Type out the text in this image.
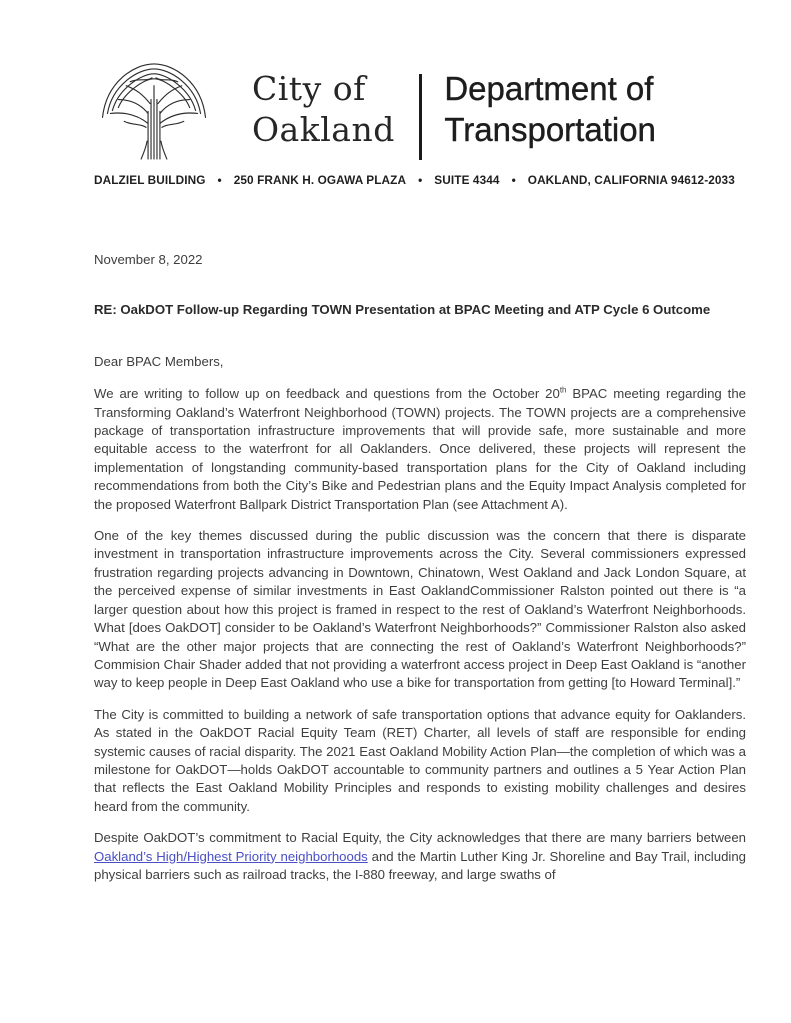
City of
Oakland
Department of
Transportation
DALZIEL BUILDING  •  250 FRANK H. OGAWA PLAZA  •  SUITE 4344  •  OAKLAND, CALIFORNIA 94612-2033

November 8, 2022

RE: OakDOT Follow-up Regarding TOWN Presentation at BPAC Meeting and ATP Cycle 6 Outcome

Dear BPAC Members,

We are writing to follow up on feedback and questions from the October 20th BPAC meeting regarding the Transforming Oakland’s Waterfront Neighborhood (TOWN) projects. The TOWN projects are a comprehensive package of transportation infrastructure improvements that will provide safe, more sustainable and more equitable access to the waterfront for all Oaklanders. Once delivered, these projects will represent the implementation of longstanding community-based transportation plans for the City of Oakland including recommendations from both the City’s Bike and Pedestrian plans and the Equity Impact Analysis completed for the proposed Waterfront Ballpark District Transportation Plan (see Attachment A).

One of the key themes discussed during the public discussion was the concern that there is disparate investment in transportation infrastructure improvements across the City. Several commissioners expressed frustration regarding projects advancing in Downtown, Chinatown, West Oakland and Jack London Square, at the perceived expense of similar investments in East OaklandCommissioner Ralston pointed out there is “a larger question about how this project is framed in respect to the rest of Oakland’s Waterfront Neighborhoods. What [does OakDOT] consider to be Oakland’s Waterfront Neighborhoods?” Commissioner Ralston also asked “What are the other major projects that are connecting the rest of Oakland’s Waterfront Neighborhoods?” Commision Chair Shader added that not providing a waterfront access project in Deep East Oakland is “another way to keep people in Deep East Oakland who use a bike for transportation from getting [to Howard Terminal].”

The City is committed to building a network of safe transportation options that advance equity for Oaklanders. As stated in the OakDOT Racial Equity Team (RET) Charter, all levels of staff are responsible for ending systemic causes of racial disparity. The 2021 East Oakland Mobility Action Plan—the completion of which was a milestone for OakDOT—holds OakDOT accountable to community partners and outlines a 5 Year Action Plan that reflects the East Oakland Mobility Principles and responds to existing mobility challenges and desires heard from the community.

Despite OakDOT’s commitment to Racial Equity, the City acknowledges that there are many barriers between Oakland’s High/Highest Priority neighborhoods and the Martin Luther King Jr. Shoreline and Bay Trail, including physical barriers such as railroad tracks, the I-880 freeway, and large swaths of
